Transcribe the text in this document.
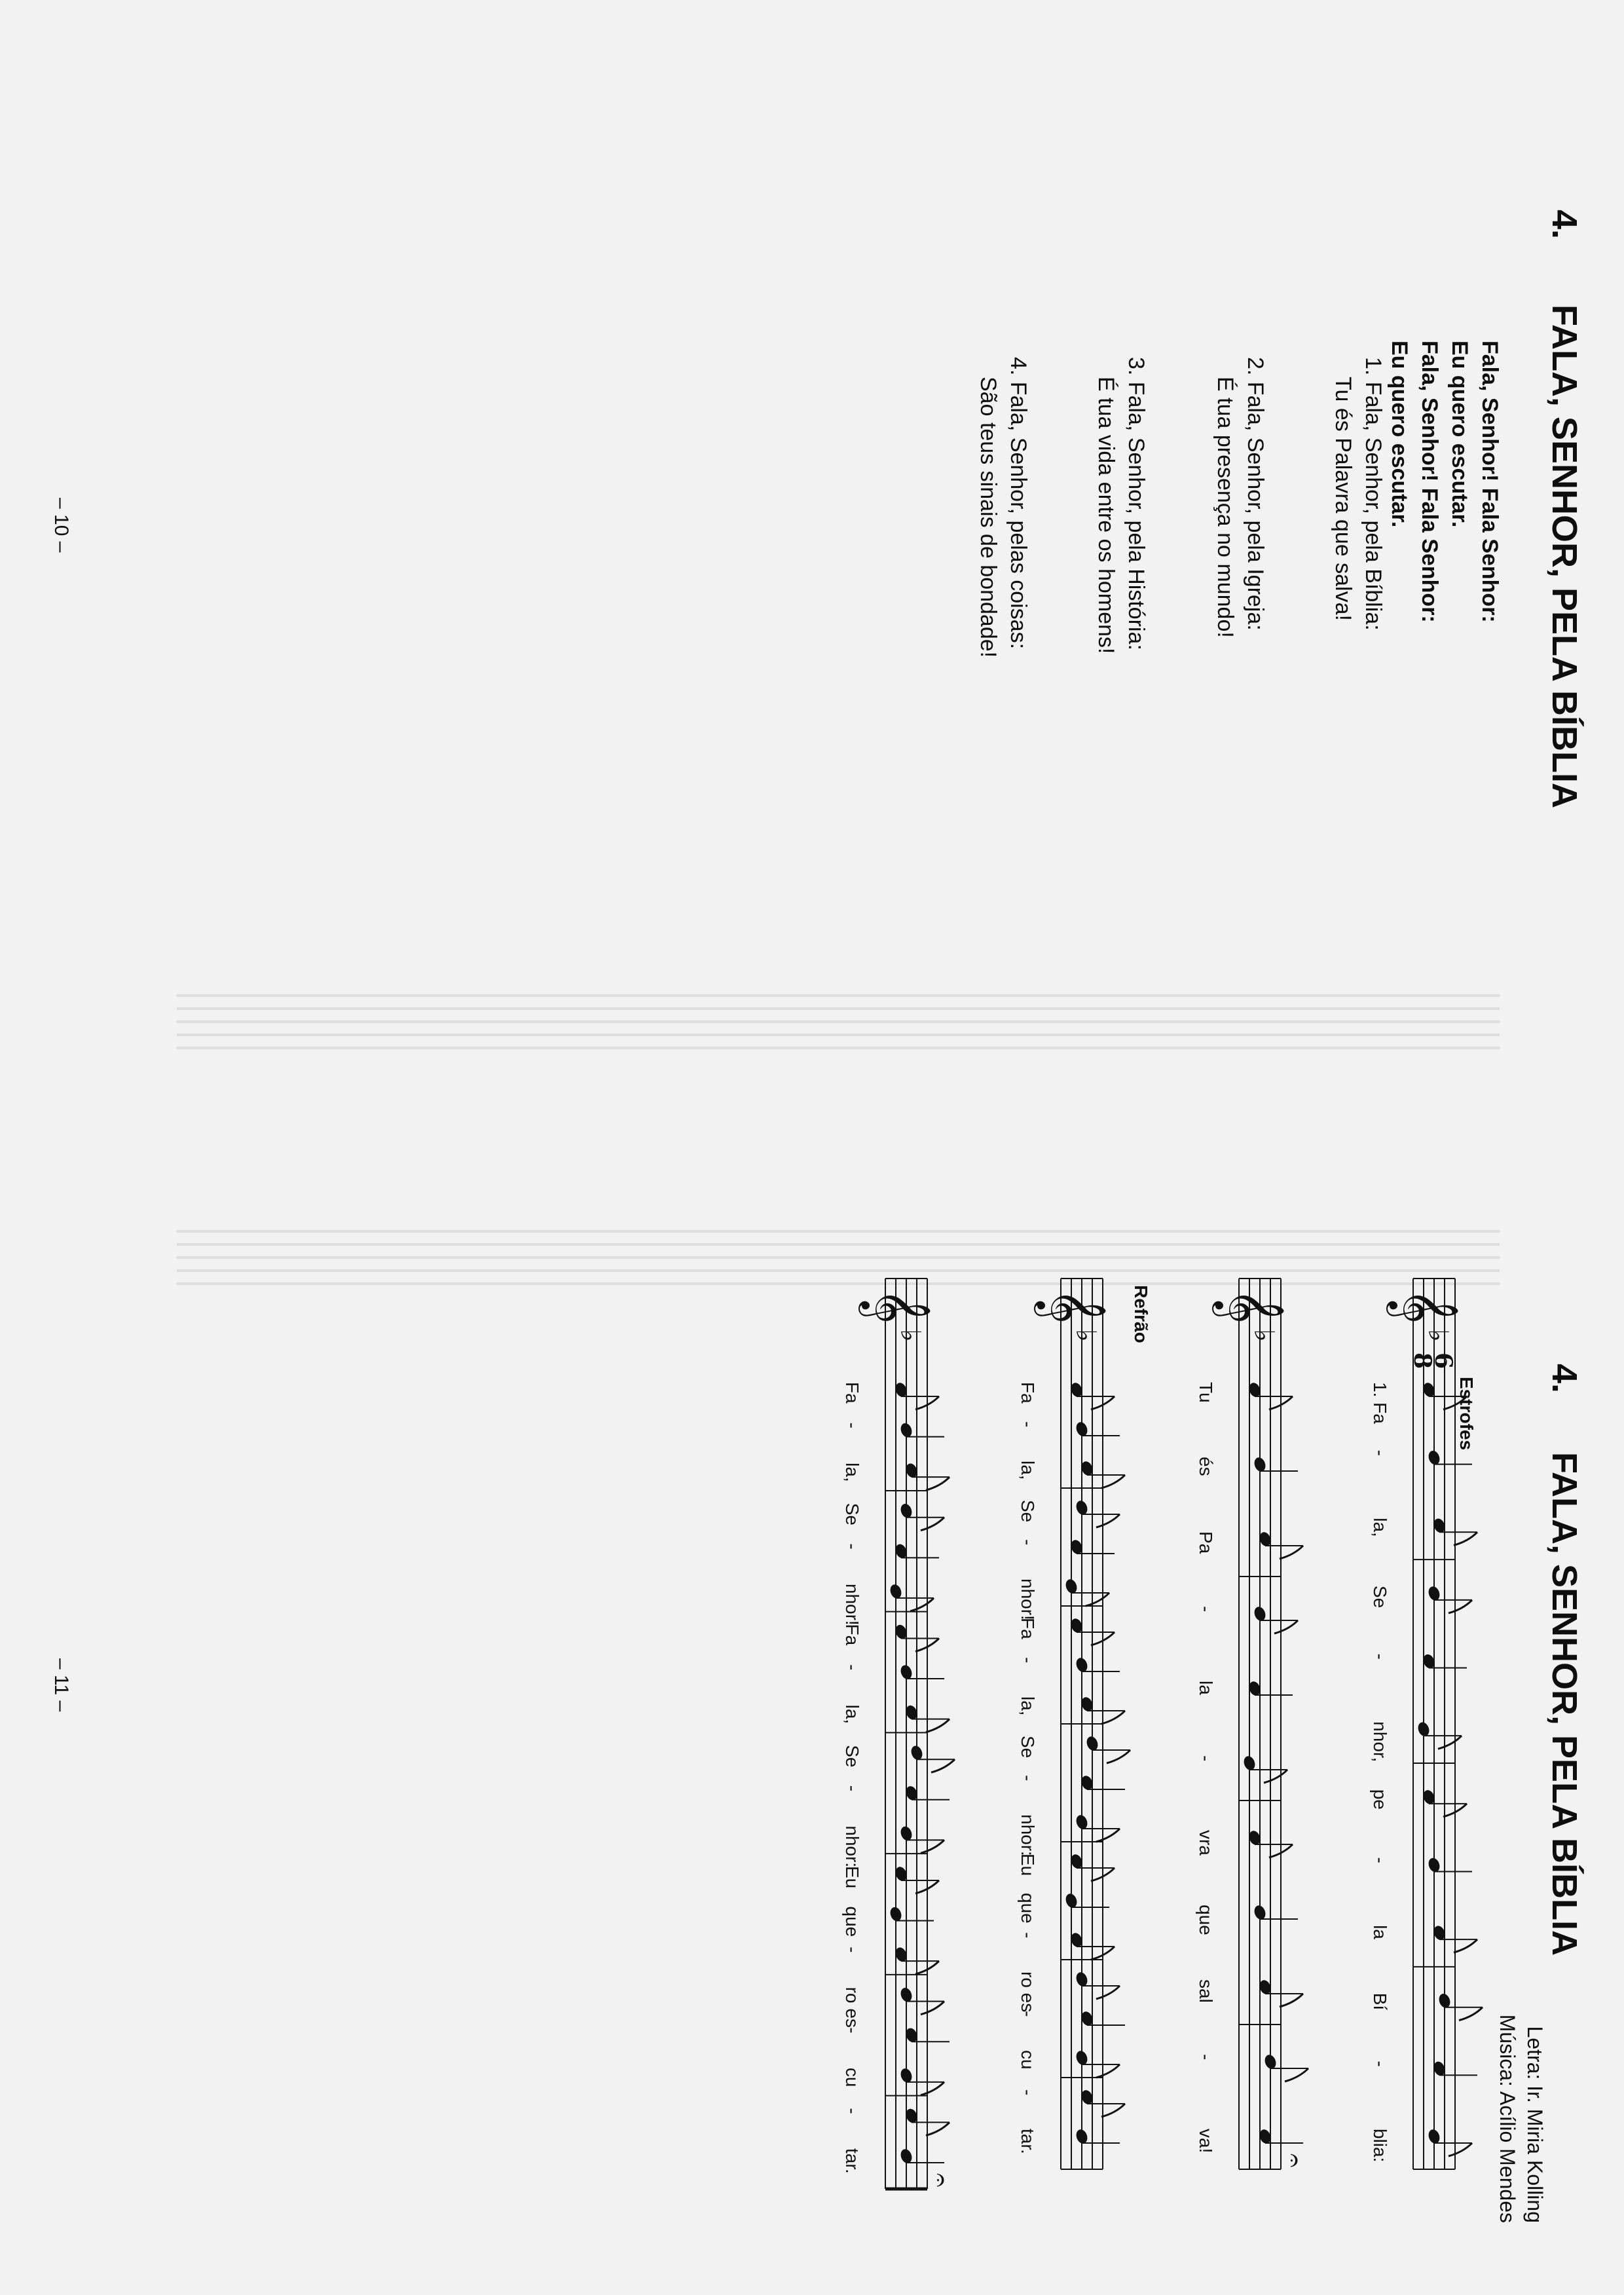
4.
FALA, SENHOR, PELA BÍBLIA
Fala, Senhor! Fala Senhor:
Eu quero escutar.
Fala, Senhor! Fala Senhor:
Eu quero escutar.
1. Fala, Senhor, pela Bíblia:
Tu és Palavra que salva!
2. Fala, Senhor, pela Igreja:
É tua presença no mundo!
3. Fala, Senhor, pela História:
É tua vida entre os homens!
4. Fala, Senhor, pelas coisas:
São teus sinais de bondade!
– 10 –
4.
FALA, SENHOR, PELA BÍBLIA
Letra: Ir. Miria Kolling
Música: Acílio Mendes
Estrofes
Refrão	𝄞
♭
6
8
1. Fa
-
la,
Se
-
nhor,
pe
-
la
Bí
-
blia:
𝄞
♭
Tu
és
Pa
-
la
-
vra
que
sal
-
va!
𝄐
𝄞
♭
Fa
-
la,
Se
-
nhor!
Fa
-
la,
Se
-
nhor:
Eu
que
-
ro es
-
cu
-
tar.
𝄞
♭
Fa
-
la,
Se
-
nhor!
Fa
-
la,
Se
-
nhor:
Eu
que
-
ro es
-
cu
-
tar.
𝄐
– 11 –
